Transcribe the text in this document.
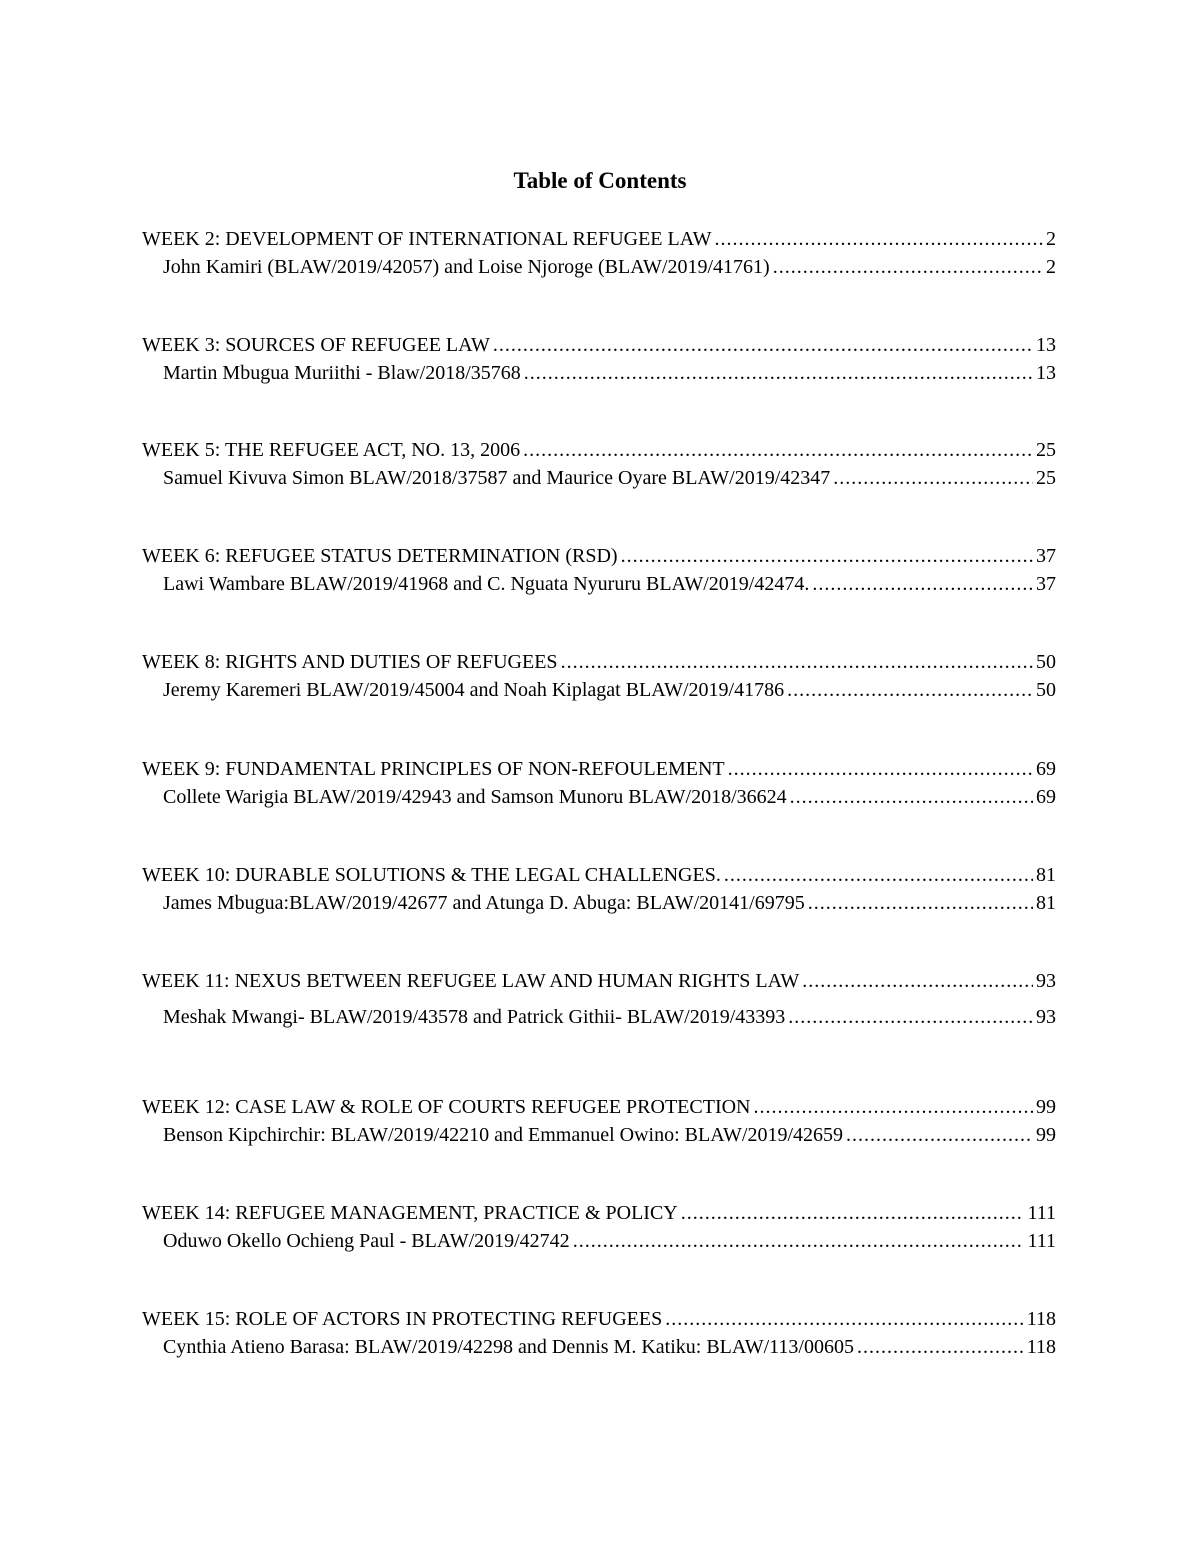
Table of Contents
WEEK 2: DEVELOPMENT OF INTERNATIONAL REFUGEE LAW .....	2
John Kamiri (BLAW/2019/42057) and Loise Njoroge (BLAW/2019/41761) .....	2
WEEK 3: SOURCES OF REFUGEE LAW .....	13
Martin Mbugua Muriithi - Blaw/2018/35768 .....	13
WEEK 5: THE REFUGEE ACT, NO. 13, 2006 .....	25
Samuel Kivuva Simon BLAW/2018/37587 and Maurice Oyare BLAW/2019/42347 .....	25
WEEK 6: REFUGEE STATUS DETERMINATION (RSD) .....	37
Lawi Wambare BLAW/2019/41968 and C. Nguata Nyururu BLAW/2019/42474. .....	37
WEEK 8: RIGHTS AND DUTIES OF REFUGEES .....	50
Jeremy Karemeri BLAW/2019/45004 and Noah Kiplagat BLAW/2019/41786 .....	50
WEEK 9: FUNDAMENTAL PRINCIPLES OF NON-REFOULEMENT .....	69
Collete Warigia BLAW/2019/42943 and Samson Munoru BLAW/2018/36624 .....	69
WEEK 10: DURABLE SOLUTIONS & THE LEGAL CHALLENGES. .....	81
James Mbugua:BLAW/2019/42677 and Atunga D. Abuga: BLAW/20141/69795 .....	81
WEEK 11: NEXUS BETWEEN REFUGEE LAW AND HUMAN RIGHTS LAW .....	93
Meshak Mwangi- BLAW/2019/43578 and Patrick Githii- BLAW/2019/43393 .....	93
WEEK 12: CASE LAW & ROLE OF COURTS REFUGEE PROTECTION .....	99
Benson Kipchirchir: BLAW/2019/42210 and Emmanuel Owino: BLAW/2019/42659 .....	99
WEEK 14: REFUGEE MANAGEMENT, PRACTICE & POLICY .....	111
Oduwo Okello Ochieng Paul - BLAW/2019/42742 .....	111
WEEK 15: ROLE OF ACTORS IN PROTECTING REFUGEES .....	118
Cynthia Atieno Barasa: BLAW/2019/42298 and Dennis M. Katiku: BLAW/113/00605 .....	118
